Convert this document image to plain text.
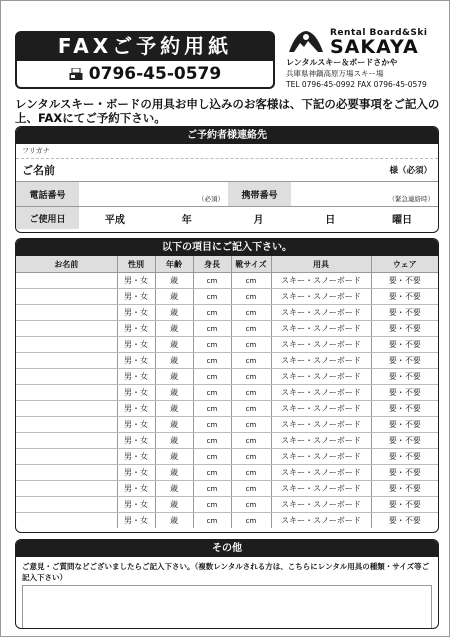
FAXご予約用紙
0796-45-0579
Rental Board&Ski
SAKAYA
レンタルスキー＆ボードさかや
兵庫県神鍋高原万場スキー場
TEL 0796-45-0992 FAX 0796-45-0579
レンタルスキー・ボードの用具お申し込みのお客様は、下記の必要事項をご記入の上、FAXにてご予約下さい。
ご予約者様連絡先
フリガナ
ご名前	様（必須）
電話番号	（必須）	携帯番号	（緊急連絡時）
ご使用日	平成	年	月	日	曜日
以下の項目にご記入下さい。
お名前	性別	年齢	身長	靴サイズ	用具	ウェア
	男・女	歳	cm	cm	スキー・スノーボード	要・不要
	男・女	歳	cm	cm	スキー・スノーボード	要・不要
	男・女	歳	cm	cm	スキー・スノーボード	要・不要
	男・女	歳	cm	cm	スキー・スノーボード	要・不要
	男・女	歳	cm	cm	スキー・スノーボード	要・不要
	男・女	歳	cm	cm	スキー・スノーボード	要・不要
	男・女	歳	cm	cm	スキー・スノーボード	要・不要
	男・女	歳	cm	cm	スキー・スノーボード	要・不要
	男・女	歳	cm	cm	スキー・スノーボード	要・不要
	男・女	歳	cm	cm	スキー・スノーボード	要・不要
	男・女	歳	cm	cm	スキー・スノーボード	要・不要
	男・女	歳	cm	cm	スキー・スノーボード	要・不要
	男・女	歳	cm	cm	スキー・スノーボード	要・不要
	男・女	歳	cm	cm	スキー・スノーボード	要・不要
	男・女	歳	cm	cm	スキー・スノーボード	要・不要
	男・女	歳	cm	cm	スキー・スノーボード	要・不要
その他
ご意見・ご質問などございましたらご記入下さい。（複数レンタルされる方は、こちらにレンタル用具の種類・サイズ等ご記入下さい）
